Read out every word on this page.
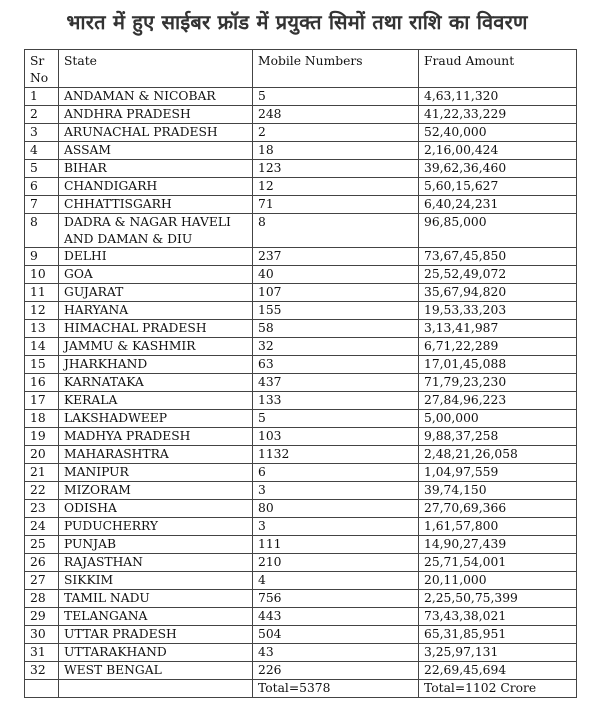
भारत में हुए साईबर फ्रॉड में प्रयुक्त सिमों तथा राशि का विवरण
Sr
No	State	Mobile Numbers	Fraud Amount
1	ANDAMAN & NICOBAR	5	4,63,11,320
2	ANDHRA PRADESH	248	41,22,33,229
3	ARUNACHAL PRADESH	2	52,40,000
4	ASSAM	18	2,16,00,424
5	BIHAR	123	39,62,36,460
6	CHANDIGARH	12	5,60,15,627
7	CHHATTISGARH	71	6,40,24,231
8	DADRA & NAGAR HAVELI AND DAMAN & DIU	8	96,85,000
9	DELHI	237	73,67,45,850
10	GOA	40	25,52,49,072
11	GUJARAT	107	35,67,94,820
12	HARYANA	155	19,53,33,203
13	HIMACHAL PRADESH	58	3,13,41,987
14	JAMMU & KASHMIR	32	6,71,22,289
15	JHARKHAND	63	17,01,45,088
16	KARNATAKA	437	71,79,23,230
17	KERALA	133	27,84,96,223
18	LAKSHADWEEP	5	5,00,000
19	MADHYA PRADESH	103	9,88,37,258
20	MAHARASHTRA	1132	2,48,21,26,058
21	MANIPUR	6	1,04,97,559
22	MIZORAM	3	39,74,150
23	ODISHA	80	27,70,69,366
24	PUDUCHERRY	3	1,61,57,800
25	PUNJAB	111	14,90,27,439
26	RAJASTHAN	210	25,71,54,001
27	SIKKIM	4	20,11,000
28	TAMIL NADU	756	2,25,50,75,399
29	TELANGANA	443	73,43,38,021
30	UTTAR PRADESH	504	65,31,85,951
31	UTTARAKHAND	43	3,25,97,131
32	WEST BENGAL	226	22,69,45,694
		Total=5378	Total=1102 Crore
